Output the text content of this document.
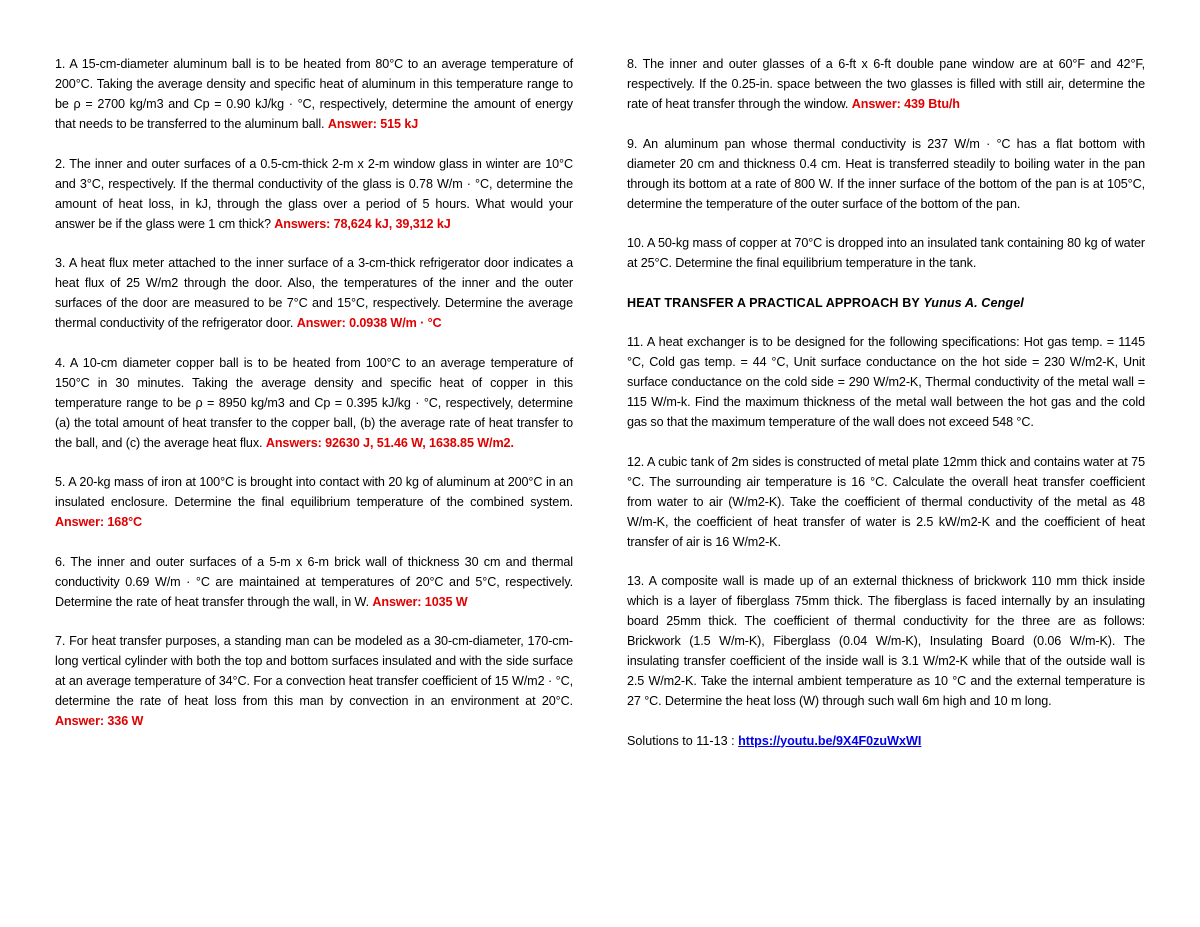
1. A 15-cm-diameter aluminum ball is to be heated from 80°C to an average temperature of 200°C. Taking the average density and specific heat of aluminum in this temperature range to be ρ = 2700 kg/m3 and Cp = 0.90 kJ/kg · °C, respectively, determine the amount of energy that needs to be transferred to the aluminum ball. Answer: 515 kJ

2. The inner and outer surfaces of a 0.5-cm-thick 2-m x 2-m window glass in winter are 10°C and 3°C, respectively. If the thermal conductivity of the glass is 0.78 W/m · °C, determine the amount of heat loss, in kJ, through the glass over a period of 5 hours. What would your answer be if the glass were 1 cm thick? Answers: 78,624 kJ, 39,312 kJ

3. A heat flux meter attached to the inner surface of a 3-cm-thick refrigerator door indicates a heat flux of 25 W/m2 through the door. Also, the temperatures of the inner and the outer surfaces of the door are measured to be 7°C and 15°C, respectively. Determine the average thermal conductivity of the refrigerator door. Answer: 0.0938 W/m · °C

4. A 10-cm diameter copper ball is to be heated from 100°C to an average temperature of 150°C in 30 minutes. Taking the average density and specific heat of copper in this temperature range to be ρ = 8950 kg/m3 and Cp = 0.395 kJ/kg · °C, respectively, determine (a) the total amount of heat transfer to the copper ball, (b) the average rate of heat transfer to the ball, and (c) the average heat flux. Answers: 92630 J, 51.46 W, 1638.85 W/m2.

5. A 20-kg mass of iron at 100°C is brought into contact with 20 kg of aluminum at 200°C in an insulated enclosure. Determine the final equilibrium temperature of the combined system. Answer: 168°C

6. The inner and outer surfaces of a 5-m x 6-m brick wall of thickness 30 cm and thermal conductivity 0.69 W/m · °C are maintained at temperatures of 20°C and 5°C, respectively. Determine the rate of heat transfer through the wall, in W. Answer: 1035 W

7. For heat transfer purposes, a standing man can be modeled as a 30-cm-diameter, 170-cm-long vertical cylinder with both the top and bottom surfaces insulated and with the side surface at an average temperature of 34°C. For a convection heat transfer coefficient of 15 W/m2 · °C, determine the rate of heat loss from this man by convection in an environment at 20°C. Answer: 336 W

8. The inner and outer glasses of a 6-ft x 6-ft double pane window are at 60°F and 42°F, respectively. If the 0.25-in. space between the two glasses is filled with still air, determine the rate of heat transfer through the window. Answer: 439 Btu/h

9. An aluminum pan whose thermal conductivity is 237 W/m · °C has a flat bottom with diameter 20 cm and thickness 0.4 cm. Heat is transferred steadily to boiling water in the pan through its bottom at a rate of 800 W. If the inner surface of the bottom of the pan is at 105°C, determine the temperature of the outer surface of the bottom of the pan.

10. A 50-kg mass of copper at 70°C is dropped into an insulated tank containing 80 kg of water at 25°C. Determine the final equilibrium temperature in the tank.

HEAT TRANSFER A PRACTICAL APPROACH BY Yunus A. Cengel

11. A heat exchanger is to be designed for the following specifications: Hot gas temp. = 1145 °C, Cold gas temp. = 44 °C, Unit surface conductance on the hot side = 230 W/m2-K, Unit surface conductance on the cold side = 290 W/m2-K, Thermal conductivity of the metal wall = 115 W/m-k. Find the maximum thickness of the metal wall between the hot gas and the cold gas so that the maximum temperature of the wall does not exceed 548 °C.

12. A cubic tank of 2m sides is constructed of metal plate 12mm thick and contains water at 75 °C. The surrounding air temperature is 16 °C. Calculate the overall heat transfer coefficient from water to air (W/m2-K). Take the coefficient of thermal conductivity of the metal as 48 W/m-K, the coefficient of heat transfer of water is 2.5 kW/m2-K and the coefficient of heat transfer of air is 16 W/m2-K.

13. A composite wall is made up of an external thickness of brickwork 110 mm thick inside which is a layer of fiberglass 75mm thick. The fiberglass is faced internally by an insulating board 25mm thick. The coefficient of thermal conductivity for the three are as follows: Brickwork (1.5 W/m-K), Fiberglass (0.04 W/m-K), Insulating Board (0.06 W/m-K). The insulating transfer coefficient of the inside wall is 3.1 W/m2-K while that of the outside wall is 2.5 W/m2-K. Take the internal ambient temperature as 10 °C and the external temperature is 27 °C. Determine the heat loss (W) through such wall 6m high and 10 m long.

Solutions to 11-13 : https://youtu.be/9X4F0zuWxWI
